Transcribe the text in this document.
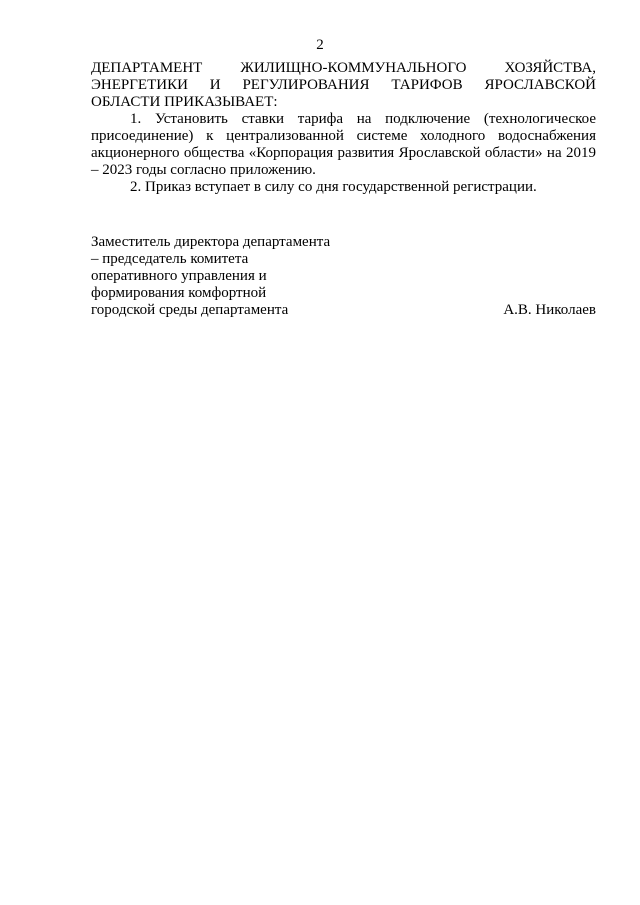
2

ДЕПАРТАМЕНТ ЖИЛИЩНО-КОММУНАЛЬНОГО ХОЗЯЙСТВА, ЭНЕРГЕТИКИ И РЕГУЛИРОВАНИЯ ТАРИФОВ ЯРОСЛАВСКОЙ ОБЛАСТИ ПРИКАЗЫВАЕТ:

1. Установить ставки тарифа на подключение (технологическое присоединение) к централизованной системе холодного водоснабжения акционерного общества «Корпорация развития Ярославской области» на 2019 – 2023 годы согласно приложению.

2. Приказ вступает в силу со дня государственной регистрации.

Заместитель директора департамента
– председатель комитета
оперативного управления и
формирования комфортной
городской среды департамента	А.В. Николаев
